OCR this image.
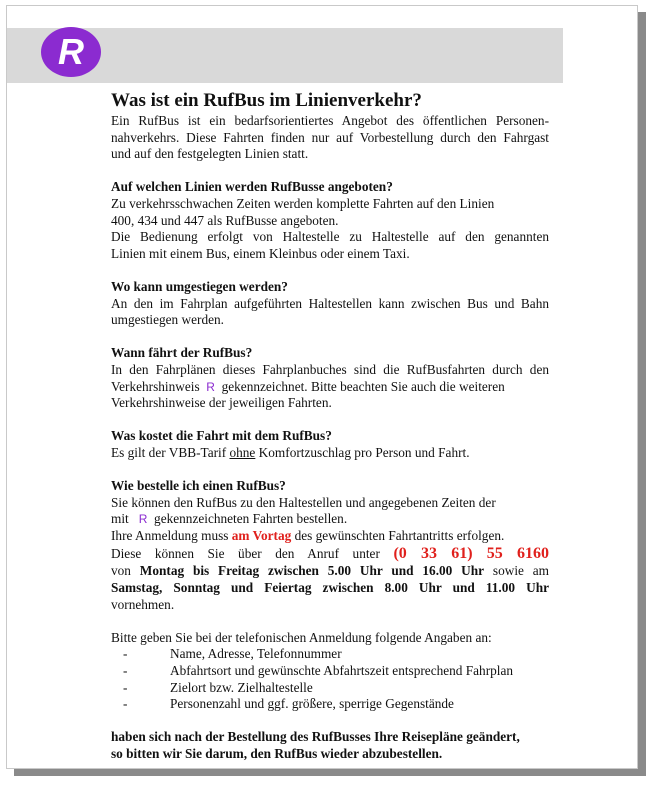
R
Was ist ein RufBus im Linienverkehr?

Ein RufBus ist ein bedarfsorientiertes Angebot des öffentlichen Personen-

nahverkehrs. Diese Fahrten finden nur auf Vorbestellung durch den Fahrgast

und auf den festgelegten Linien statt.

Auf welchen Linien werden RufBusse angeboten?

Zu verkehrsschwachen Zeiten werden komplette Fahrten auf den Linien

400, 434 und 447 als RufBusse angeboten.

Die Bedienung erfolgt von Haltestelle zu Haltestelle auf den genannten

Linien mit einem Bus, einem Kleinbus oder einem Taxi.

Wo kann umgestiegen werden?

An den im Fahrplan aufgeführten Haltestellen kann zwischen Bus und Bahn

umgestiegen werden.

Wann fährt der RufBus?

In den Fahrplänen dieses Fahrplanbuches sind die RufBusfahrten durch den

Verkehrshinweis R gekennzeichnet. Bitte beachten Sie auch die weiteren

Verkehrshinweise der jeweiligen Fahrten.

Was kostet die Fahrt mit dem RufBus?

Es gilt der VBB-Tarif ohne Komfortzuschlag pro Person und Fahrt.

Wie bestelle ich einen RufBus?

Sie können den RufBus zu den Haltestellen und angegebenen Zeiten der

mit R gekennzeichneten Fahrten bestellen.

Ihre Anmeldung muss am Vortag des gewünschten Fahrtantritts erfolgen.

Diese können Sie über den Anruf unter (0 33 61) 55 6160

von Montag bis Freitag zwischen 5.00 Uhr und 16.00 Uhr sowie am

Samstag, Sonntag und Feiertag zwischen 8.00 Uhr und 11.00 Uhr

vornehmen.

Bitte geben Sie bei der telefonischen Anmeldung folgende Angaben an:

-	Name, Adresse, Telefonnummer
-	Abfahrtsort und gewünschte Abfahrtszeit entsprechend Fahrplan
-	Zielort bzw. Zielhaltestelle
-	Personenzahl und ggf. größere, sperrige Gegenstände

haben sich nach der Bestellung des RufBusses Ihre Reisepläne geändert,

so bitten wir Sie darum, den RufBus wieder abzubestellen.
